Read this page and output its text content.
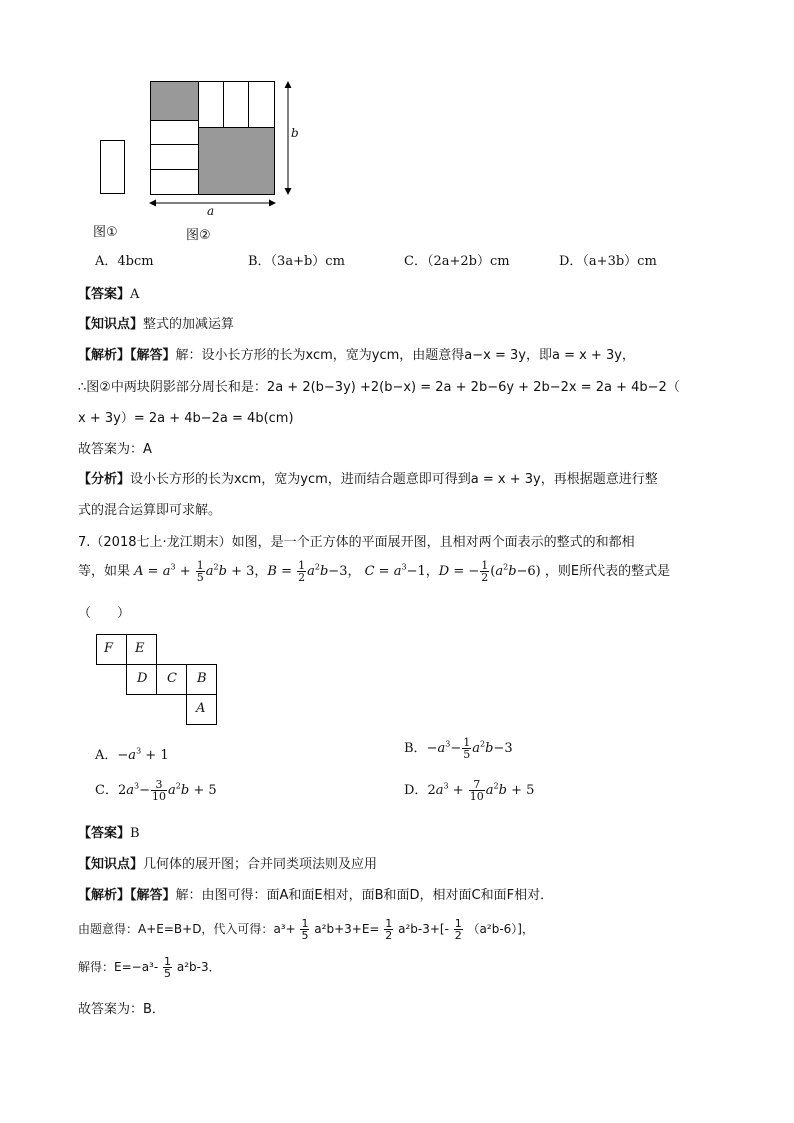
图①
b
a
图②
A．4bcm	B．（3a+b）cm	C．（2a+2b）cm	D．（a+3b）cm
【答案】A
【知识点】整式的加减运算
【解析】【解答】解：设小长方形的长为xcm，宽为ycm，由题意得a−x = 3y，即a = x + 3y，
∴图②中两块阴影部分周长和是：2a + 2(b−3y) +2(b−x) = 2a + 2b−6y + 2b−2x = 2a + 4b−2（
x + 3y）= 2a + 4b−2a = 4b(cm)
故答案为：A
【分析】设小长方形的长为xcm，宽为ycm，进而结合题意即可得到a = x + 3y，再根据题意进行整
式的混合运算即可求解。
7.（2018七上·龙江期末）如图，是一个正方体的平面展开图，且相对两个面表示的整式的和都相
等，如果 $A = a^3 + \frac{1}{5} a^2b + 3$，$B = \frac{1}{2} a^2b-3$， $C = a^3-1$，D = − $\frac{1}{2} (a^2b-6)$ ，则E所代表的整式是
（　　）
F E
D C B
A
A．$-a^3 + 1$	B．$-a^3- \frac{1}{5} a^2b-3$
C．$2a^3- \frac{3}{10} a^2b + 5$	D．$2a^3 + \frac{7}{10} a^2b + 5$
【答案】B
【知识点】几何体的展开图；合并同类项法则及应用
【解析】【解答】解：由图可得：面A和面E相对，面B和面D，相对面C和面F相对．
由题意得：A+E=B+D，代入可得：$a^3+ \frac{1}{5} a^2b+3+E= \frac{1}{2} a^2b-3+[- \frac{1}{2} (a^2b-6)]$，
解得：$E=-a^3- \frac{1}{5} a^2b-3$．
故答案为：B．
